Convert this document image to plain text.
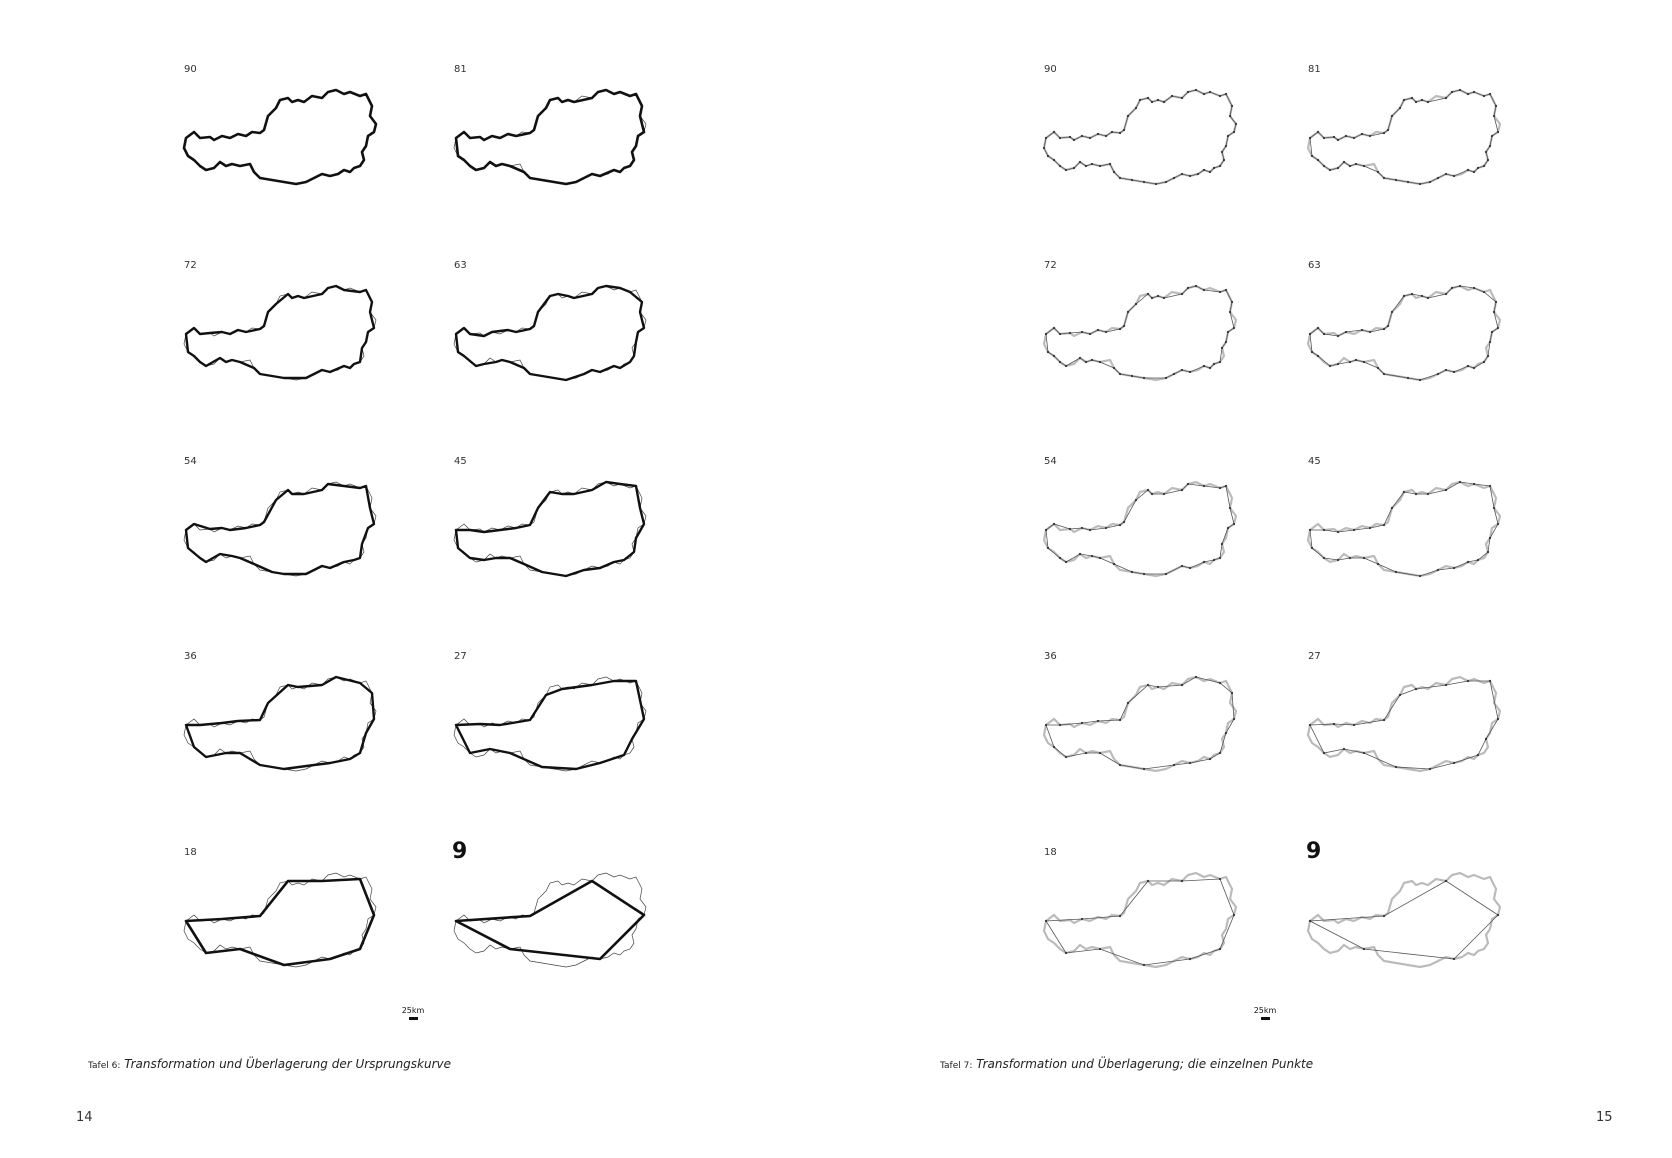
90	81
72	63
54	45
36	27
18	9
25km
Tafel 6: Transformation und Überlagerung der Ursprungskurve
14
90	81
72	63
54	45
36	27
18	9
25km
Tafel 7: Transformation und Überlagerung; die einzelnen Punkte
15
